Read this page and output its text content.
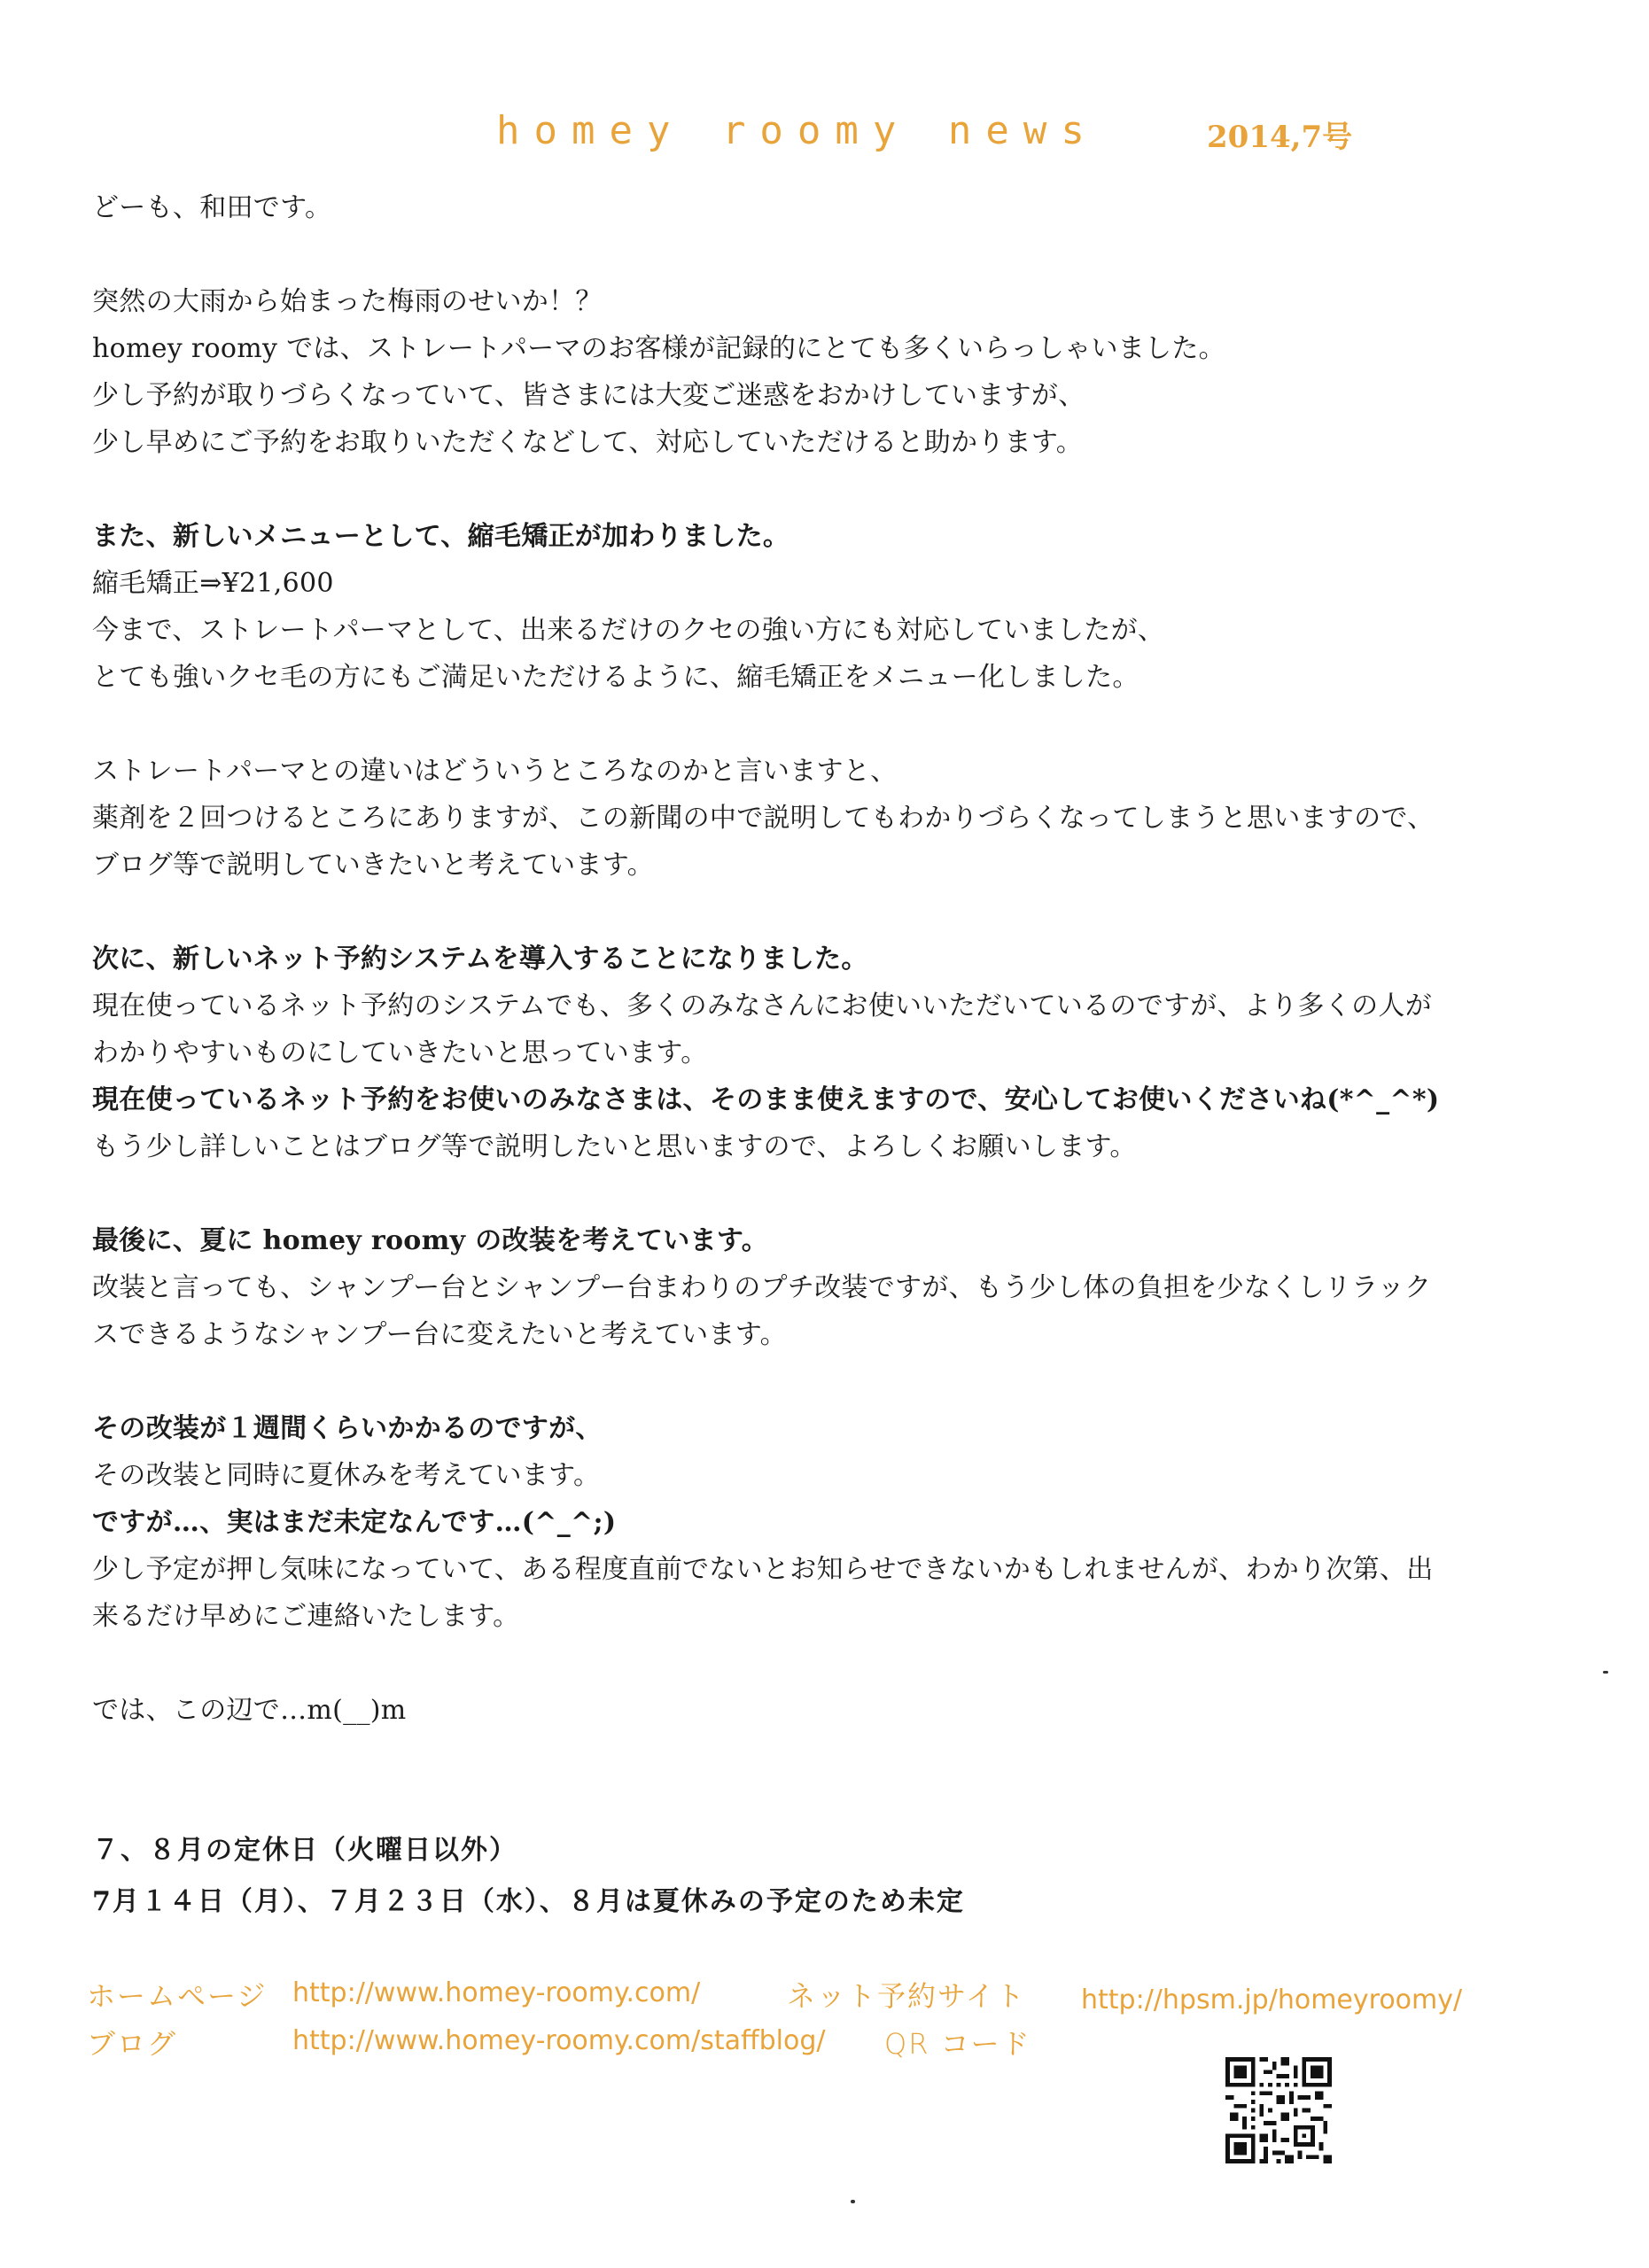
homey roomy news	2014,7号
どーも、和田です。
突然の大雨から始まった梅雨のせいか！？
homey roomy では、ストレートパーマのお客様が記録的にとても多くいらっしゃいました。
少し予約が取りづらくなっていて、皆さまには大変ご迷惑をおかけしていますが、
少し早めにご予約をお取りいただくなどして、対応していただけると助かります。
また、新しいメニューとして、縮毛矯正が加わりました。
縮毛矯正⇒¥21,600
今まで、ストレートパーマとして、出来るだけのクセの強い方にも対応していましたが、
とても強いクセ毛の方にもご満足いただけるように、縮毛矯正をメニュー化しました。
ストレートパーマとの違いはどういうところなのかと言いますと、
薬剤を２回つけるところにありますが、この新聞の中で説明してもわかりづらくなってしまうと思いますので、
ブログ等で説明していきたいと考えています。
次に、新しいネット予約システムを導入することになりました。
現在使っているネット予約のシステムでも、多くのみなさんにお使いいただいているのですが、より多くの人が
わかりやすいものにしていきたいと思っています。
現在使っているネット予約をお使いのみなさまは、そのまま使えますので、安心してお使いくださいね(*^_^*)
もう少し詳しいことはブログ等で説明したいと思いますので、よろしくお願いします。
最後に、夏に homey roomy の改装を考えています。
改装と言っても、シャンプー台とシャンプー台まわりのプチ改装ですが、もう少し体の負担を少なくしリラック
スできるようなシャンプー台に変えたいと考えています。
その改装が１週間くらいかかるのですが、
その改装と同時に夏休みを考えています。
ですが…、実はまだ未定なんです…(^_^;)
少し予定が押し気味になっていて、ある程度直前でないとお知らせできないかもしれませんが、わかり次第、出
来るだけ早めにご連絡いたします。
では、この辺で…m(__)m
７、８月の定休日（火曜日以外）
7月１４日（月）、７月２３日（水）、８月は夏休みの予定のため未定
ホームページ http://www.homey-roomy.com/
ブログ	http://www.homey-roomy.com/staffblog/
ネット予約サイト http://hpsm.jp/homeyroomy/
QR コード
